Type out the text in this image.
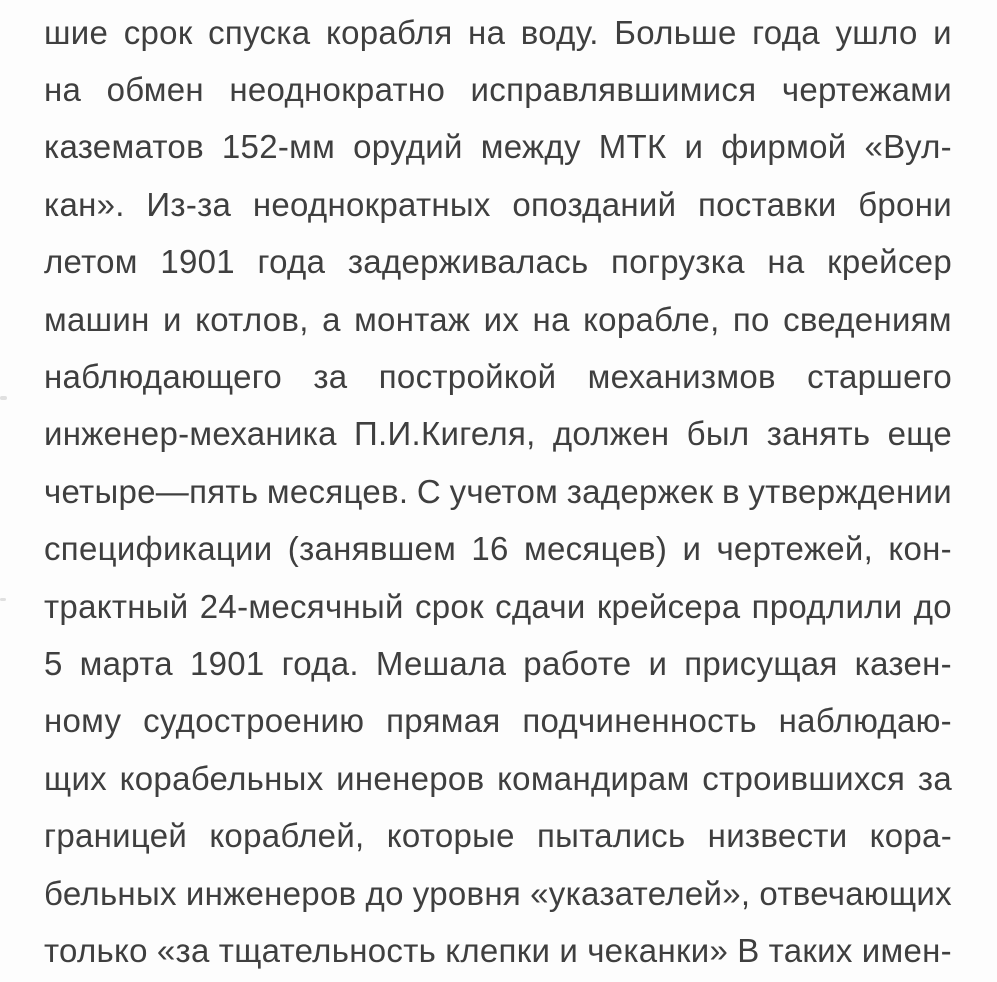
шие срок спуска корабля на воду. Больше года ушло и
на обмен неоднократно исправлявшимися чертежами
казематов 152-мм орудий между МТК и фирмой «Вул-
кан». Из-за неоднократных опозданий поставки брони
летом 1901 года задерживалась погрузка на крейсер
машин и котлов, а монтаж их на корабле, по сведениям
наблюдающего за постройкой механизмов старшего
инженер-механика П.И.Кигеля, должен был занять еще
четыре—пять месяцев. С учетом задержек в утверждении
спецификации (занявшем 16 месяцев) и чертежей, кон-
трактный 24-месячный срок сдачи крейсера продлили до
5 марта 1901 года. Мешала работе и присущая казен-
ному судостроению прямая подчиненность наблюдаю-
щих корабельных иненеров командирам строившихся за
границей кораблей, которые пытались низвести кора-
бельных инженеров до уровня «указателей», отвечающих
только «за тщательность клепки и чеканки» В таких имен-
